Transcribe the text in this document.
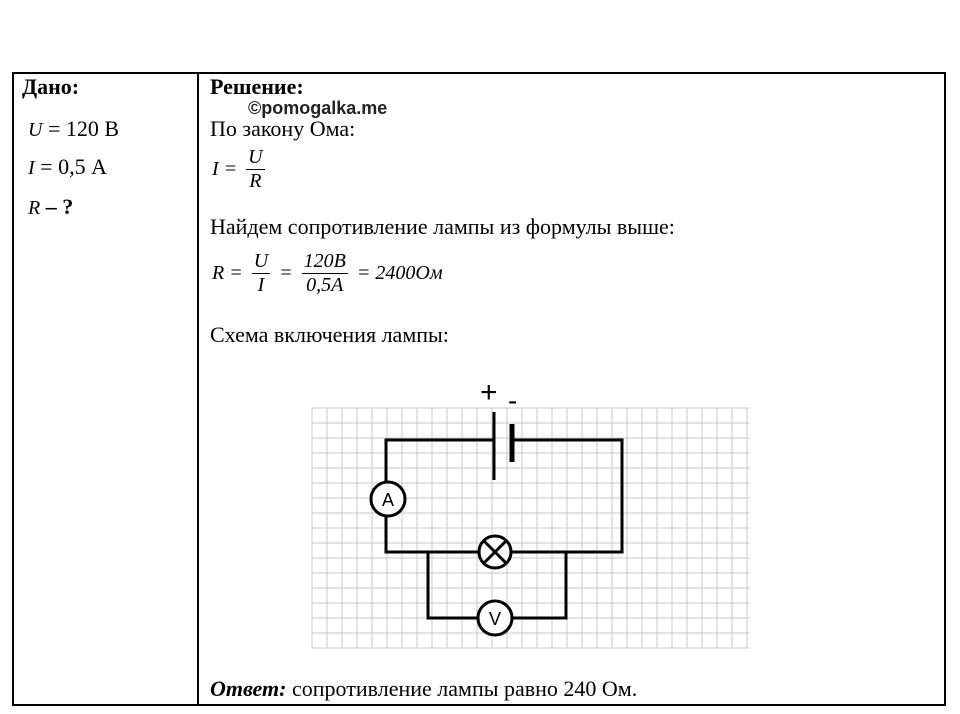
Дано:
U = 120 В
I = 0,5 А
R – ?
Решение:
©pomogalka.me
По закону Ома:
$I = \frac{U}{R}$
Найдем сопротивление лампы из формулы выше:
$R = \frac{U}{I} = \frac{120B}{0,5A} = 2400Ом$
Схема включения лампы:
+ -
A
V
Ответ: сопротивление лампы равно 240 Ом.
